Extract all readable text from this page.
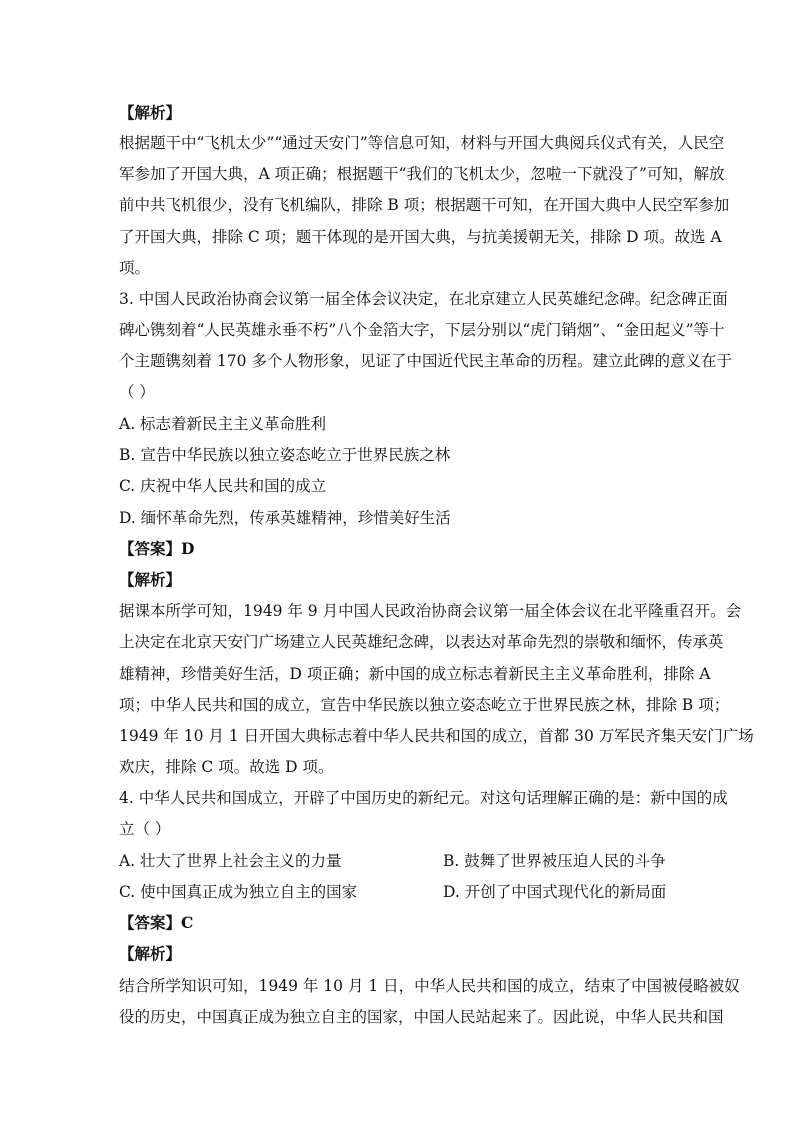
【解析】
根据题干中“飞机太少”“通过天安门”等信息可知，材料与开国大典阅兵仪式有关，人民空
军参加了开国大典，A 项正确；根据题干“我们的飞机太少，忽啦一下就没了”可知，解放
前中共飞机很少，没有飞机编队，排除 B 项；根据题干可知，在开国大典中人民空军参加
了开国大典，排除 C 项；题干体现的是开国大典，与抗美援朝无关，排除 D 项。故选 A
项。
3. 中国人民政治协商会议第一届全体会议决定，在北京建立人民英雄纪念碑。纪念碑正面
碑心镌刻着“人民英雄永垂不朽”八个金箔大字，下层分别以“虎门销烟”、“金田起义”等十
个主题镌刻着 170 多个人物形象，见证了中国近代民主革命的历程。建立此碑的意义在于
（ ）
A. 标志着新民主主义革命胜利
B. 宣告中华民族以独立姿态屹立于世界民族之林
C. 庆祝中华人民共和国的成立
D. 缅怀革命先烈，传承英雄精神，珍惜美好生活
【答案】D
【解析】
据课本所学可知，1949 年 9 月中国人民政治协商会议第一届全体会议在北平隆重召开。会
上决定在北京天安门广场建立人民英雄纪念碑，以表达对革命先烈的崇敬和缅怀，传承英
雄精神，珍惜美好生活，D 项正确；新中国的成立标志着新民主主义革命胜利，排除 A
项；中华人民共和国的成立，宣告中华民族以独立姿态屹立于世界民族之林，排除 B 项；
1949 年 10 月 1 日开国大典标志着中华人民共和国的成立，首都 30 万军民齐集天安门广场
欢庆，排除 C 项。故选 D 项。
4. 中华人民共和国成立，开辟了中国历史的新纪元。对这句话理解正确的是：新中国的成
立（ ）
A. 壮大了世界上社会主义的力量	B. 鼓舞了世界被压迫人民的斗争
C. 使中国真正成为独立自主的国家	D. 开创了中国式现代化的新局面
【答案】C
【解析】
结合所学知识可知，1949 年 10 月 1 日，中华人民共和国的成立，结束了中国被侵略被奴
役的历史，中国真正成为独立自主的国家，中国人民站起来了。因此说，中华人民共和国
